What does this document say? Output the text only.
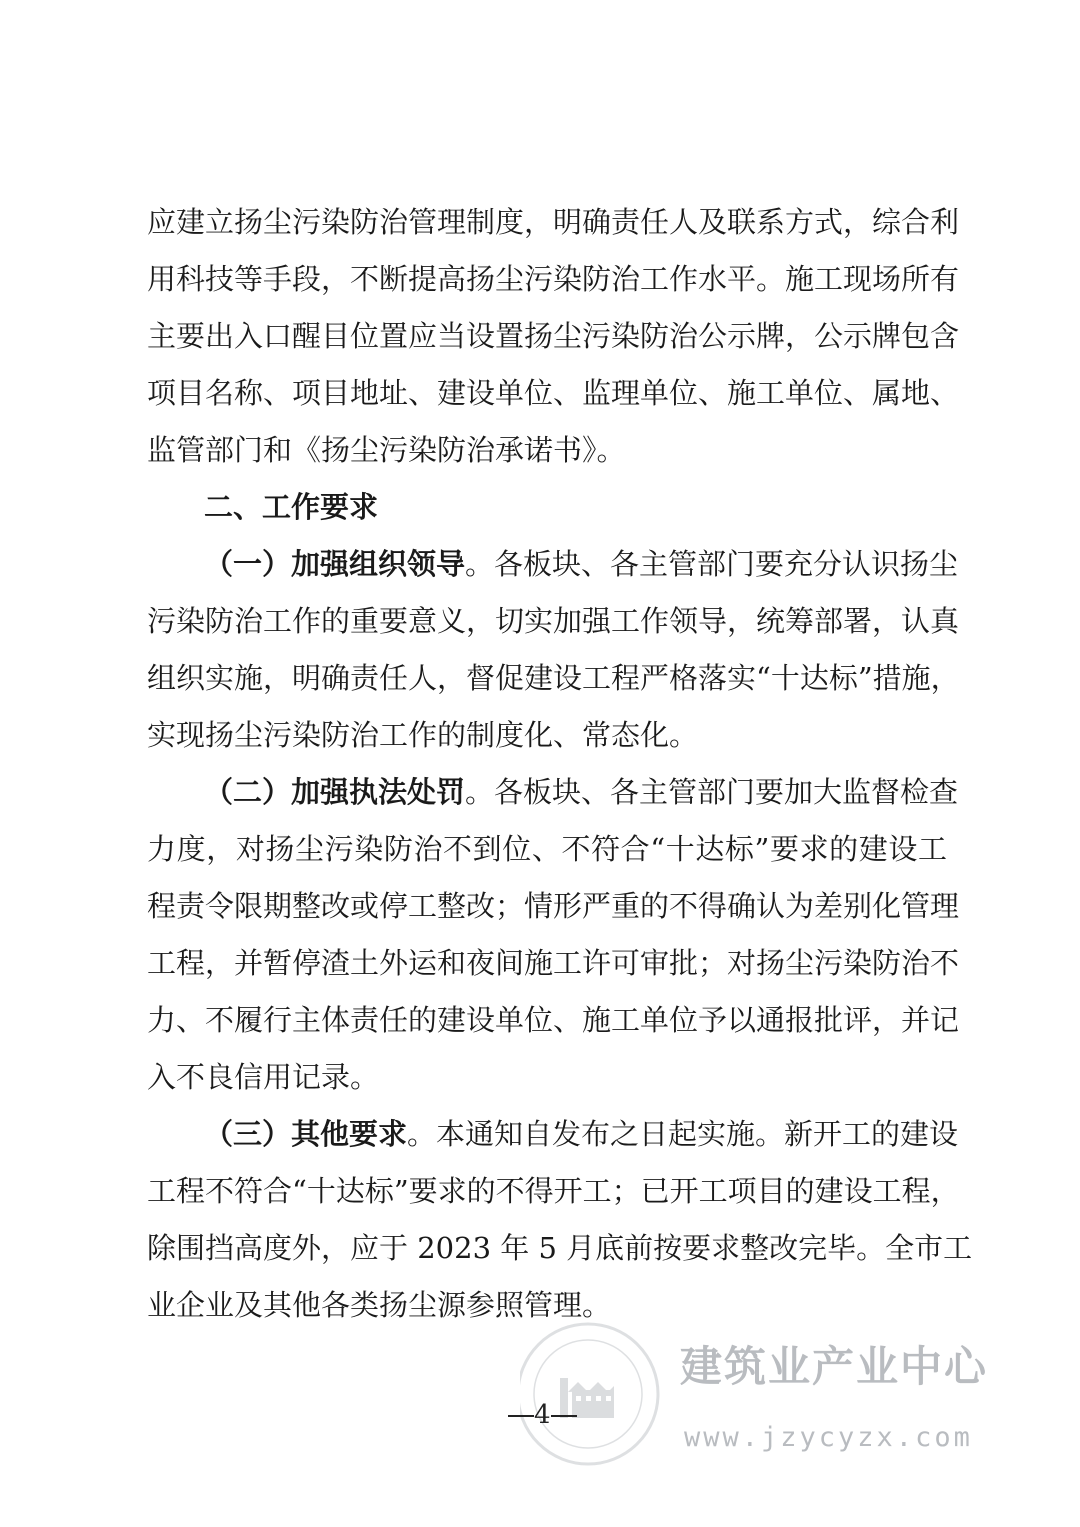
应建立扬尘污染防治管理制度，明确责任人及联系方式，综合利
用科技等手段，不断提高扬尘污染防治工作水平。施工现场所有
主要出入口醒目位置应当设置扬尘污染防治公示牌，公示牌包含
项目名称、项目地址、建设单位、监理单位、施工单位、属地、
监管部门和《扬尘污染防治承诺书》。
二、工作要求
（一）加强组织领导。各板块、各主管部门要充分认识扬尘
污染防治工作的重要意义，切实加强工作领导，统筹部署，认真
组织实施，明确责任人，督促建设工程严格落实“十达标”措施，
实现扬尘污染防治工作的制度化、常态化。
（二）加强执法处罚。各板块、各主管部门要加大监督检查
力度，对扬尘污染防治不到位、不符合“十达标”要求的建设工
程责令限期整改或停工整改；情形严重的不得确认为差别化管理
工程，并暂停渣土外运和夜间施工许可审批；对扬尘污染防治不
力、不履行主体责任的建设单位、施工单位予以通报批评，并记
入不良信用记录。
（三）其他要求。本通知自发布之日起实施。新开工的建设
工程不符合“十达标”要求的不得开工；已开工项目的建设工程，
除围挡高度外，应于 2023 年 5 月底前按要求整改完毕。全市工
业企业及其他各类扬尘源参照管理。
建筑业产业中心
www.jzycyzx.com
4
